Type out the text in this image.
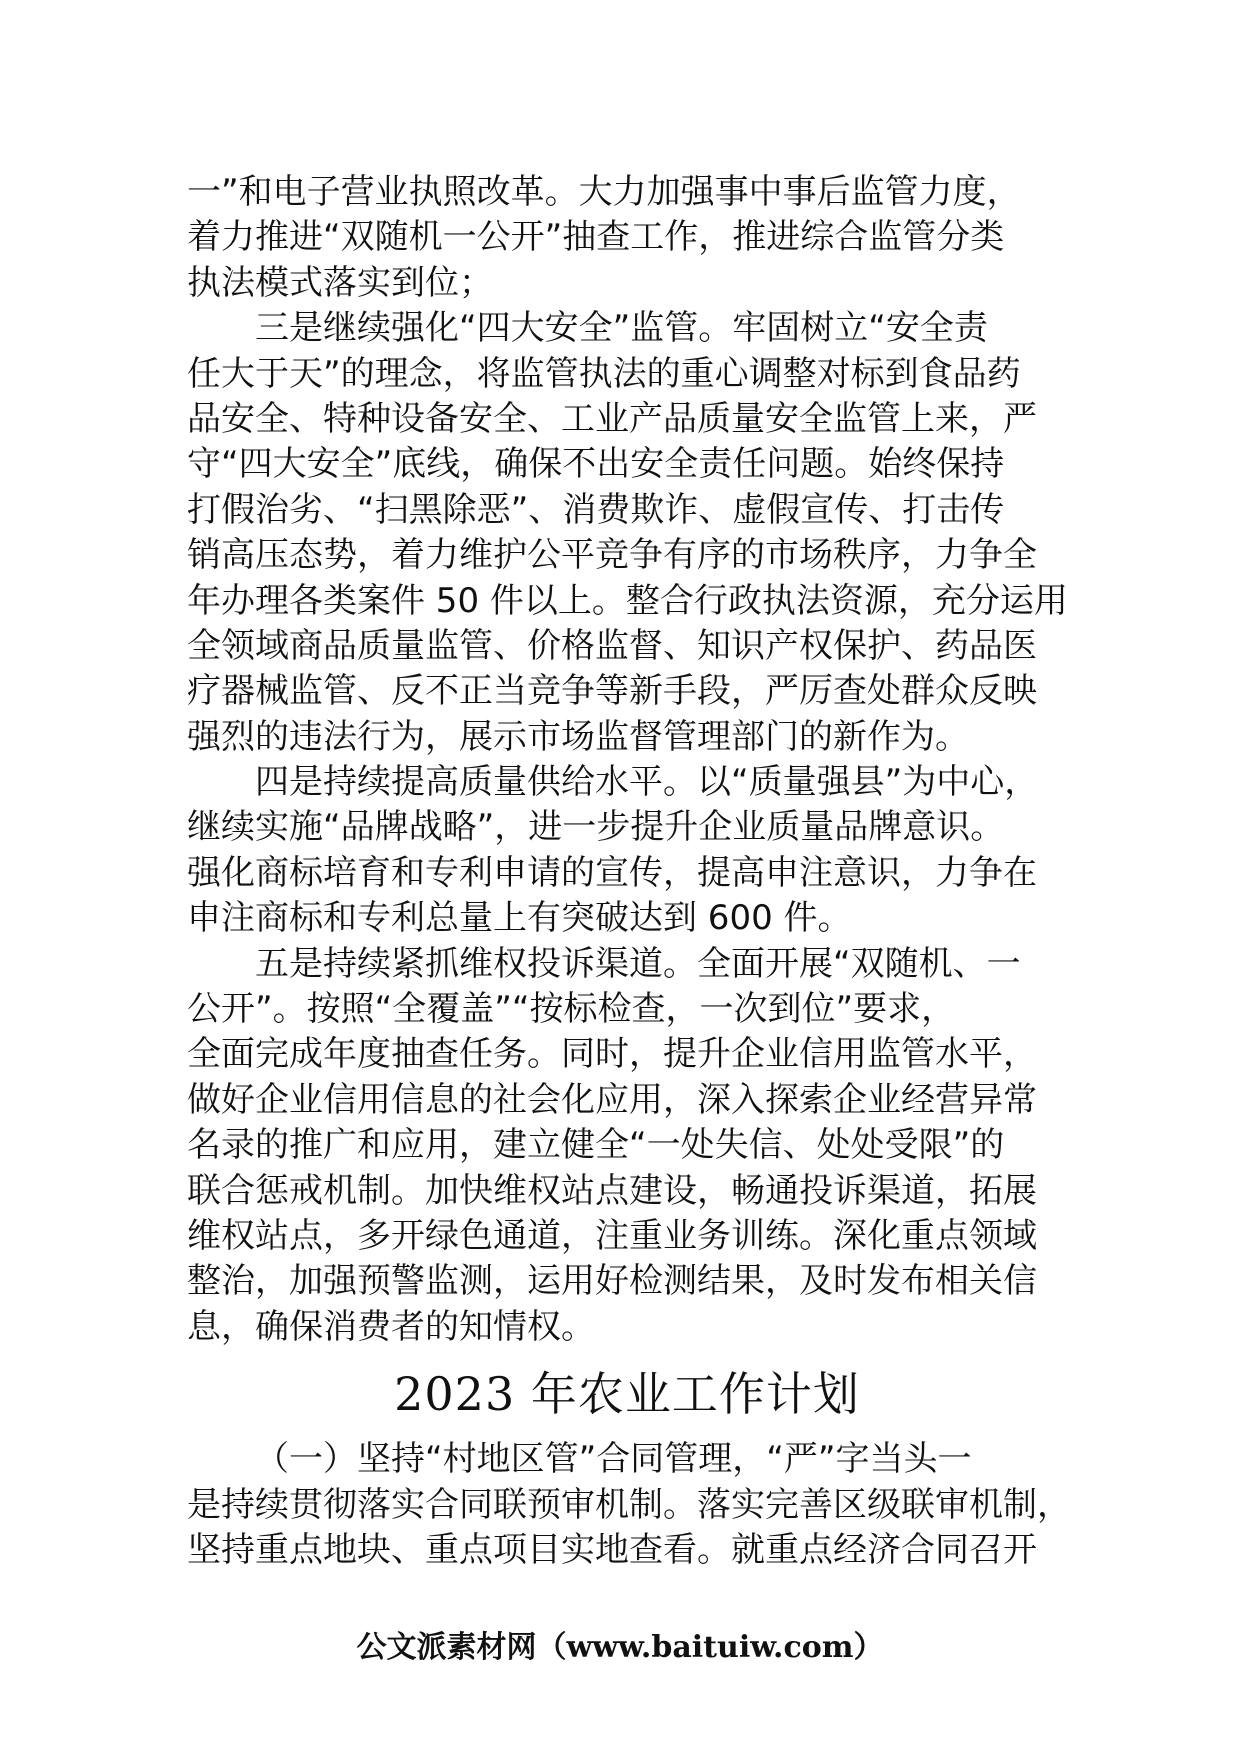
一”和电子营业执照改革。大力加强事中事后监管力度，
着力推进“双随机一公开”抽查工作，推进综合监管分类
执法模式落实到位；
三是继续强化“四大安全”监管。牢固树立“安全责
任大于天”的理念，将监管执法的重心调整对标到食品药
品安全、特种设备安全、工业产品质量安全监管上来，严
守“四大安全”底线，确保不出安全责任问题。始终保持
打假治劣、“扫黑除恶”、消费欺诈、虚假宣传、打击传
销高压态势，着力维护公平竞争有序的市场秩序，力争全
年办理各类案件 50 件以上。整合行政执法资源，充分运用
全领域商品质量监管、价格监督、知识产权保护、药品医
疗器械监管、反不正当竞争等新手段，严厉查处群众反映
强烈的违法行为，展示市场监督管理部门的新作为。
四是持续提高质量供给水平。以“质量强县”为中心，
继续实施“品牌战略”，进一步提升企业质量品牌意识。
强化商标培育和专利申请的宣传，提高申注意识，力争在
申注商标和专利总量上有突破达到 600 件。
五是持续紧抓维权投诉渠道。全面开展“双随机、一
公开”。按照“全覆盖”“按标检查，一次到位”要求，
全面完成年度抽查任务。同时，提升企业信用监管水平，
做好企业信用信息的社会化应用，深入探索企业经营异常
名录的推广和应用，建立健全“一处失信、处处受限”的
联合惩戒机制。加快维权站点建设，畅通投诉渠道，拓展
维权站点，多开绿色通道，注重业务训练。深化重点领域
整治，加强预警监测，运用好检测结果，及时发布相关信
息，确保消费者的知情权。
2023 年农业工作计划
（一）坚持“村地区管”合同管理，“严”字当头一
是持续贯彻落实合同联预审机制。落实完善区级联审机制，
坚持重点地块、重点项目实地查看。就重点经济合同召开
公文派素材网（www.baituiw.com）
